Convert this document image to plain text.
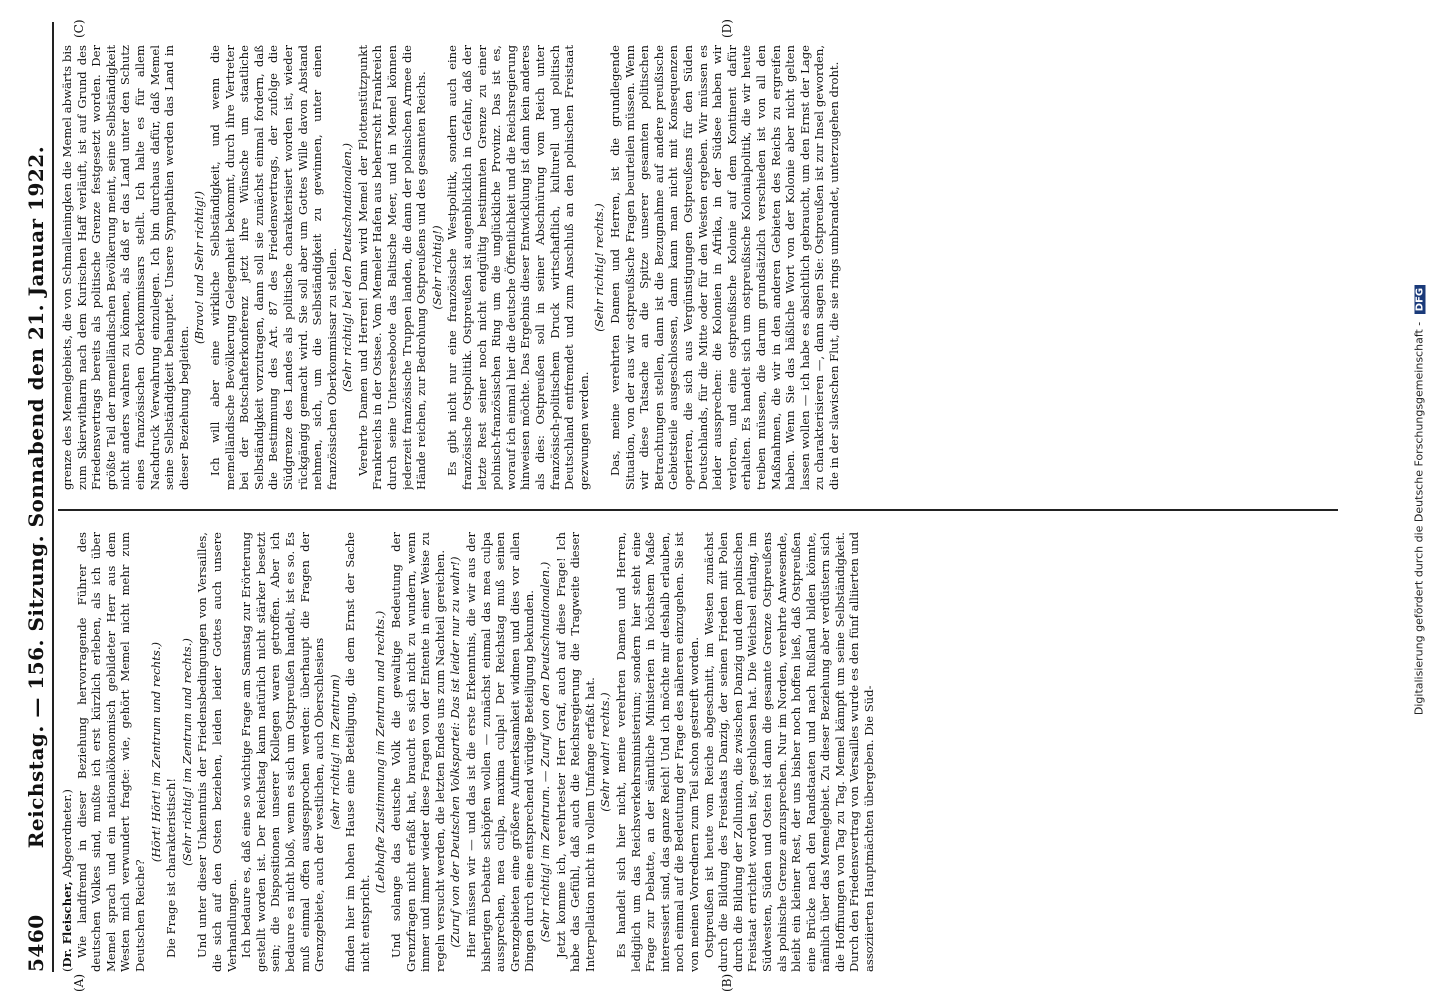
Digitalisierung gefördert durch die Deutsche Forschungsgemeinschaft - DFG
5460
Reichstag. — 156. Sitzung. Sonnabend den 21. Januar 1922.
(A)	(B)
(C)	(D)

(Dr. Fleischer, Abgeordneter.) Wie landfremd in dieser Beziehung hervorragende Führer des deutschen Volkes sind, mußte ich erst kürzlich erleben, als ich über Memel sprach und ein nationalökonomisch gebildeter Herr aus dem Westen mich verwundert fragte: wie, gehört Memel nicht mehr zum Deutschen Reiche?

(Hört! Hört! im Zentrum und rechts.)

Die Frage ist charakteristisch!

(Sehr richtig! im Zentrum und rechts.) Und unter dieser Unkenntnis der Friedensbedingungen von Versailles, die sich auf den Osten beziehen, leiden leider Gottes auch unsere Verhandlungen. Ich bedaure es, daß eine so wichtige Frage am Samstag zur Erörterung gestellt worden ist. Der Reichstag kann natürlich nicht stärker besetzt sein; die Dispositionen unserer Kollegen waren getroffen. Aber ich bedaure es nicht bloß, wenn es sich um Ostpreußen handelt, ist es so. Es muß einmal offen ausgesprochen werden: überhaupt die Fragen der Grenzgebiete, auch der westlichen, auch Oberschlesiens (sehr richtig! im Zentrum) finden hier im hohen Hause eine Beteiligung, die dem Ernst der Sache nicht entspricht.

(Lebhafte Zustimmung im Zentrum und rechts.) Und solange das deutsche Volk die gewaltige Bedeutung der Grenzfragen nicht erfaßt hat, braucht es sich nicht zu wundern, wenn immer und immer wieder diese Fragen von der Entente in einer Weise zu regeln versucht werden, die letzten Endes uns zum Nachteil gereichen. (Zuruf von der Deutschen Volkspartei: Das ist leider nur zu wahr!) Hier müssen wir — und das ist die erste Erkenntnis, die wir aus der bisherigen Debatte schöpfen wollen — zunächst einmal das mea culpa aussprechen, mea culpa, maxima culpa! Der Reichstag muß seinen Grenzgebieten eine größere Aufmerksamkeit widmen und dies vor allen Dingen durch eine entsprechend würdige Beteiligung bekunden. (Sehr richtig! im Zentrum. — Zuruf von den Deutschnationalen.) Jetzt komme ich, verehrtester Herr Graf, auch auf diese Frage! Ich habe das Gefühl, daß auch die Reichsregierung die Tragweite dieser Interpellation nicht in vollem Umfange erfaßt hat. (Sehr wahr! rechts.) Es handelt sich hier nicht, meine verehrten Damen und Herren, lediglich um das Reichsverkehrsministerium; sondern hier steht eine Frage zur Debatte, an der sämtliche Ministerien in höchstem Maße interessiert sind, das ganze Reich! Und ich möchte mir deshalb erlauben, noch einmal auf die Bedeutung der Frage des näheren einzugehen. Sie ist von meinen Vorrednern zum Teil schon gestreift worden. Ostpreußen ist heute vom Reiche abgeschnitt, im Westen zunächst durch die Bildung des Freistaats Danzig, der seinen Frieden mit Polen durch die Bildung der Zollunion, die zwischen Danzig und dem polnischen Freistaat errichtet worden ist, geschlossen hat. Die Weichsel entlang, im Südwesten, Süden und Osten ist dann die gesamte Grenze Ostpreußens als polnische Grenze anzusprechen. Nur im Norden, verehrte Anwesende, bleibt ein kleiner Rest, der uns bisher noch hoffen ließ, daß Ostpreußen eine Brücke nach den Randstaaten und nach Rußland bilden könnte, nämlich über das Memelgebiet. Zu dieser Beziehung aber verdüstern sich die Hoffnungen von Tag zu Tag. Memel kämpft um seine Selbständigkeit. Durch den Friedensvertrag von Versailles wurde es den fünf alliierten und assoziierten Hauptmächten übergeben. Die Süd-

grenze des Memelgebiets, die von Schmalleningken die Memel abwärts bis zum Skierwitharm nach dem Kurischen Haff verläuft, ist auf Grund des Friedensvertrags bereits als politische Grenze festgesetzt worden. Der größte Teil der memelländischen Bevölkerung meint, seine Selbständigkeit nicht anders wahren zu können, als daß er das Land unter den Schutz eines französischen Oberkommissars stellt. Ich halte es für allem Nachdruck Verwahrung einzulegen. Ich bin durchaus dafür, daß Memel seine Selbständigkeit behauptet. Unsere Sympathien werden das Land in dieser Beziehung begleiten.

(Bravo! und Sehr richtig!) Ich will aber eine wirkliche Selbständigkeit, und wenn die memelländische Bevölkerung Gelegenheit bekommt, durch ihre Vertreter bei der Botschafterkonferenz jetzt ihre Wünsche um staatliche Selbständigkeit vorzutragen, dann soll sie zunächst einmal fordern, daß die Bestimmung des Art. 87 des Friedensvertrags, der zufolge die Südgrenze des Landes als politische charakterisiert worden ist, wieder rückgängig gemacht wird. Sie soll aber um Gottes Wille davon Abstand nehmen, sich, um die Selbständigkeit zu gewinnen, unter einen französischen Oberkommissar zu stellen. (Sehr richtig! bei den Deutschnationalen.) Verehrte Damen und Herren! Dann wird Memel der Flottenstützpunkt Frankreichs in der Ostsee. Vom Memeler Hafen aus beherrscht Frankreich durch seine Unterseeboote das Baltische Meer, und in Memel können jederzeit französische Truppen landen, die dann der polnischen Armee die Hände reichen, zur Bedrohung Ostpreußens und des gesamten Reichs. (Sehr richtig!) Es gibt nicht nur eine französische Westpolitik, sondern auch eine französische Ostpolitik. Ostpreußen ist augenblicklich in Gefahr, daß der letzte Rest seiner noch nicht endgültig bestimmten Grenze zu einer polnisch-französischen Ring um die unglückliche Provinz. Das ist es, worauf ich einmal hier die deutsche Öffentlichkeit und die Reichsregierung hinweisen möchte. Das Ergebnis dieser Entwicklung ist dann kein anderes als dies: Ostpreußen soll in seiner Abschnürung vom Reich unter französisch-politischem Druck wirtschaftlich, kulturell und politisch Deutschland entfremdet und zum Anschluß an den polnischen Freistaat gezwungen werden.

(Sehr richtig! rechts.) Das, meine verehrten Damen und Herren, ist die grundlegende Situation, von der aus wir ostpreußische Fragen beurteilen müssen. Wenn wir diese Tatsache an die Spitze unserer gesamten politischen Betrachtungen stellen, dann ist die Bezugnahme auf andere preußische Gebietsteile ausgeschlossen, dann kann man nicht mit Konsequenzen operieren, die sich aus Vergünstigungen Ostpreußens für den Süden Deutschlands, für die Mitte oder für den Westen ergeben. Wir müssen es leider aussprechen: die Kolonien in Afrika, in der Südsee haben wir verloren, und eine ostpreußische Kolonie auf dem Kontinent dafür erhalten. Es handelt sich um ostpreußische Kolonialpolitik, die wir heute treiben müssen, die darum grundsätzlich verschieden ist von all den Maßnahmen, die wir in den anderen Gebieten des Reichs zu ergreifen haben. Wenn Sie das häßliche Wort von der Kolonie aber nicht gelten lassen wollen — ich habe es absichtlich gebraucht, um den Ernst der Lage zu charakterisieren —, dann sagen Sie: Ostpreußen ist zur Insel geworden, die in der slawischen Flut, die sie rings umbrandet, unterzugehen droht.
